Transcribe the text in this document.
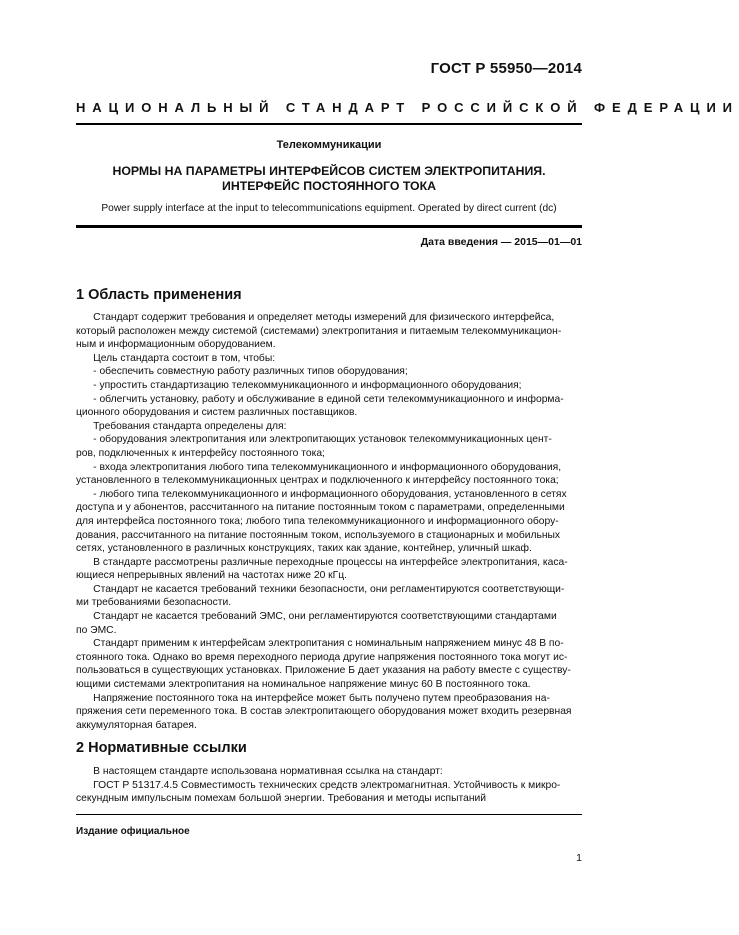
ГОСТ Р 55950—2014
НАЦИОНАЛЬНЫЙ СТАНДАРТ РОССИЙСКОЙ ФЕДЕРАЦИИ
Телекоммуникации
НОРМЫ НА ПАРАМЕТРЫ ИНТЕРФЕЙСОВ СИСТЕМ ЭЛЕКТРОПИТАНИЯ.
ИНТЕРФЕЙС ПОСТОЯННОГО ТОКА
Power supply interface at the input to telecommunications equipment. Operated by direct current (dc)
Дата введения — 2015—01—01
1 Область применения

Стандарт содержит требования и определяет методы измерений для физического интерфейса,

который расположен между системой (системами) электропитания и питаемым телекоммуникацион-

ным и информационным оборудованием.

Цель стандарта состоит в том, чтобы:

- обеспечить совместную работу различных типов оборудования;

- упростить стандартизацию телекоммуникационного и информационного оборудования;

- облегчить установку, работу и обслуживание в единой сети телекоммуникационного и информа-

ционного оборудования и систем различных поставщиков.

Требования стандарта определены для:

- оборудования электропитания или электропитающих установок телекоммуникационных цент-

ров, подключенных к интерфейсу постоянного тока;

- входа электропитания любого типа телекоммуникационного и информационного оборудования,

установленного в телекоммуникационных центрах и подключенного к интерфейсу постоянного тока;

- любого типа телекоммуникационного и информационного оборудования, установленного в сетях

доступа и у абонентов, рассчитанного на питание постоянным током с параметрами, определенными

для интерфейса постоянного тока; любого типа телекоммуникационного и информационного обору-

дования, рассчитанного на питание постоянным током, используемого в стационарных и мобильных

сетях, установленного в различных конструкциях, таких как здание, контейнер, уличный шкаф.

В стандарте рассмотрены различные переходные процессы на интерфейсе электропитания, касa-

ющиеся непрерывных явлений на частотах ниже 20 кГц.

Стандарт не касается требований техники безопасности, они регламентируются соответствующи-

ми требованиями безопасности.

Стандарт не касается требований ЭМС, они регламентируются соответствующими стандартами

по ЭМС.

Стандарт применим к интерфейсам электропитания с номинальным напряжением минус 48 В по-

стоянного тока. Однако во время переходного периода другие напряжения постоянного тока могут ис-

пользоваться в существующих установках. Приложение Б дает указания на работу вместе с существу-

ющими системами электропитания на номинальное напряжение минус 60 В постоянного тока.

Напряжение постоянного тока на интерфейсе может быть получено путем преобразования на-

пряжения сети переменного тока. В состав электропитающего оборудования может входить резервная

аккумуляторная батарея.

2 Нормативные ссылки

В настоящем стандарте использована нормативная ссылка на стандарт:

ГОСТ Р 51317.4.5 Совместимость технических средств электромагнитная. Устойчивость к микро-

секундным импульсным помехам большой энергии. Требования и методы испытаний

Издание официальное
1
